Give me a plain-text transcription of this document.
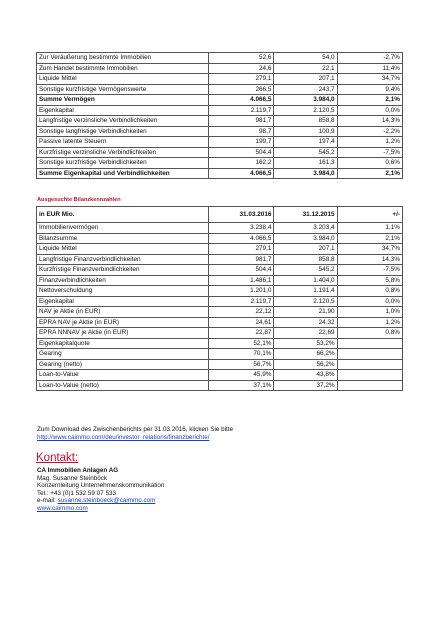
Zur Veräußerung bestimmte Immobilien	52,6	54,0	-2,7%
Zum Handel bestimmte Immobilien	24,6	22,1	11,4%
Liquide Mittel	279,1	207,1	34,7%
Sonstige kurzfristige Vermögenswerte	266,5	243,7	9,4%
Summe Vermögen	4.066,5	3.984,0	2,1%
Eigenkapital	2.119,7	2.120,5	0,0%
Langfristige verzinsliche Verbindlichkeiten	981,7	858,8	14,3%
Sonstige langfristige Verbindlichkeiten	98,7	100,9	-2,2%
Passive latente Steuern	199,7	197,4	1,2%
Kurzfristige verzinsliche Verbindlichkeiten	504,4	545,2	-7,5%
Sonstige kurzfristige Verbindlichkeiten	162,2	161,3	0,6%
Summe Eigenkapital und Verbindlichkeiten	4.066,5	3.984,0	2,1%
Ausgesuchte Bilanzkennzahlen
in EUR Mio.	31.03.2016	31.12.2015	+/-
Immobilienvermögen	3.238,4	3.203,4	1,1%
Bilanzsumme	4.066,5	3.984,0	2,1%
Liquide Mittel	279,1	207,1	34,7%
Langfristige Finanzverbindlichkeiten	981,7	858,8	14,3%
Kurzfristige Finanzverbindlichkeiten	504,4	545,2	-7,5%
Finanzverbindlichkeiten	1.486,1	1.404,0	5,8%
Nettoverschuldung	1.201,0	1.191,4	0,8%
Eigenkapital	2.119,7	2.120,5	0,0%
NAV je Aktie (in EUR)	22,12	21,90	1,0%
EPRA NAV je Aktie (in EUR)	24,61	24,32	1,2%
EPRA NNNAV je Aktie (in EUR)	22,87	22,69	0,8%
Eigenkapitalquote	52,1%	53,2%	
Gearing	70,1%	66,2%	
Gearing (netto)	56,7%	56,2%	
Loan-to-Value	45,9%	43,8%	
Loan-to-Value (netto)	37,1%	37,2%	
Zum Download des Zwischenberichts per 31.03.2016, klicken Sie bitte
http://www.caimmo.com/deu/investor_relations/finanzberichte/
Kontakt:
CA Immobilien Anlagen AG
Mag. Susanne Steinböck
Konzernleitung Unternehmenskommunikation
Tel.: +43 (0)1 532 59 07 533
e-mail: susanne.steinboeck@caimmo.com
www.caimmo.com
